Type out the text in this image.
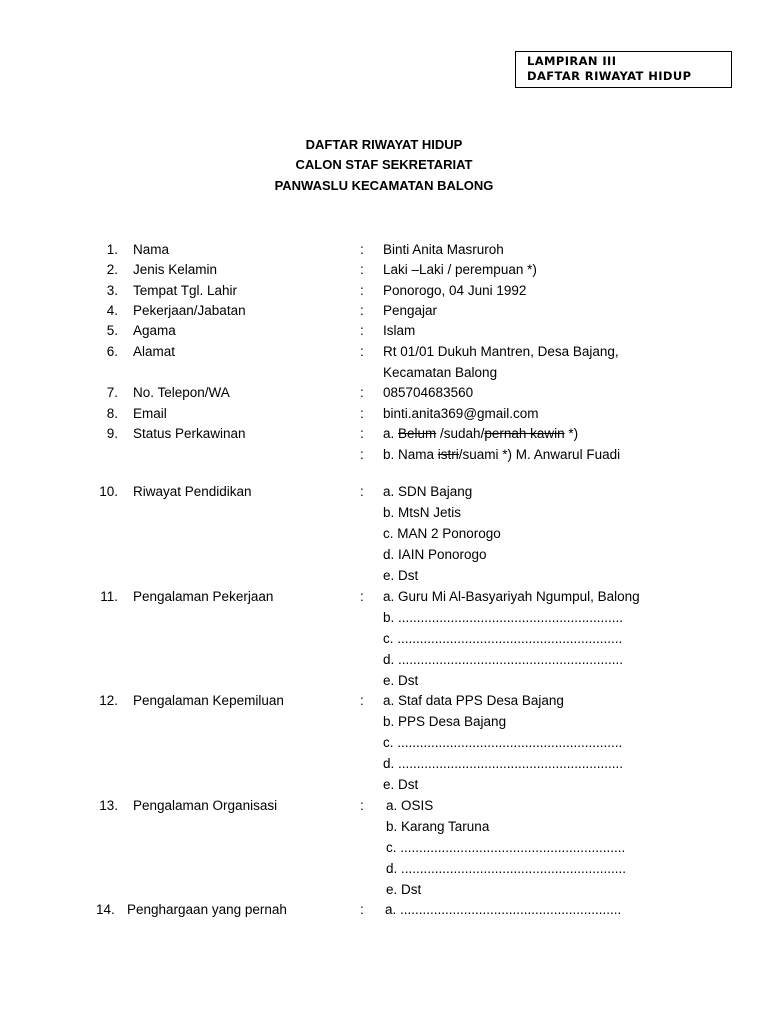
LAMPIRAN III
DAFTAR RIWAYAT HIDUP
DAFTAR RIWAYAT HIDUP
CALON STAF SEKRETARIAT
PANWASLU KECAMATAN BALONG
1. Nama	: Binti Anita Masruroh
2. Jenis Kelamin	: Laki –Laki / perempuan *)
3. Tempat Tgl. Lahir	: Ponorogo, 04 Juni 1992
4. Pekerjaan/Jabatan	: Pengajar
5. Agama	: Islam
6. Alamat	: Rt 01/01 Dukuh Mantren, Desa Bajang,
Kecamatan Balong
7. No. Telepon/WA	: 085704683560
8. Email	: binti.anita369@gmail.com
9. Status Perkawinan	: a. Belum /sudah/pernah kawin *)
: b. Nama istri/suami *) M. Anwarul Fuadi
10. Riwayat Pendidikan	: a. SDN Bajang
b. MtsN Jetis
c. MAN 2 Ponorogo
d. IAIN Ponorogo
e. Dst
11. Pengalaman Pekerjaan	: a. Guru Mi Al-Basyariyah Ngumpul, Balong
b. ............................................................
c. ............................................................
d. ............................................................
e. Dst
12. Pengalaman Kepemiluan	: a. Staf data PPS Desa Bajang
b. PPS Desa Bajang
c. ............................................................
d. ............................................................
e. Dst
13. Pengalaman Organisasi	: a. OSIS
b. Karang Taruna
c. ............................................................
d. ............................................................
e. Dst
14. Penghargaan yang pernah	: a. ...........................................................
